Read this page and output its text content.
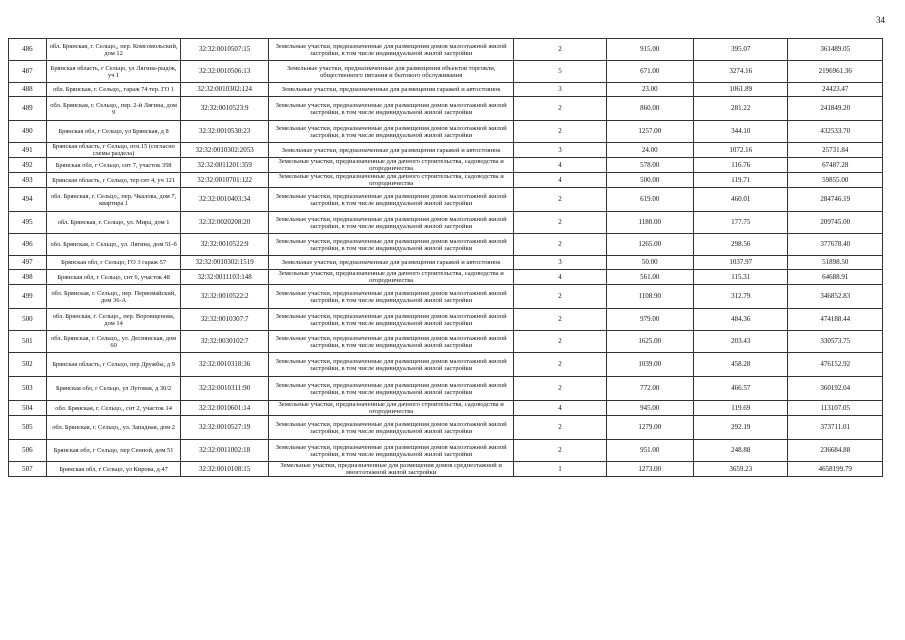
34
486	обл. Брянская, г. Сельцо,, пер. Комсомольский, дом 12	32:32:0010507:15	Земельные участки, предназначенные для размещения домов малоэтажной жилой застройки, в том числе индивидуальной жилой застройки	2	915.00	395.07	361489.05
487	Брянская область, г Сельцо, ул Лягина-рыдок, уч 1	32:32:0010506:13	Земельные участки, предназначенные для размещения объектов торговли, общественного питания и бытового обслуживания	5	671.00	3274.16	2196961.36
488	обл. Брянская, г. Сельцо,, гараж 74 тер. ГО 1	32:32:0010302:124	Земельные участки, предназначенные для размещения гаражей и автостоянок	3	23.00	1061.89	24423.47
489	обл. Брянская, г. Сельцо,, пер. 2-й Лягина, дом 9	32:32:0010523:9	Земельные участки, предназначенные для размещения домов малоэтажной жилой застройки, в том числе индивидуальной жилой застройки	2	860.00	281.22	241849.20
490	Брянская обл, г Сельцо, ул Брянская, д 8	32:32:0010530:23	Земельные участки, предназначенные для размещения домов малоэтажной жилой застройки, в том числе индивидуальной жилой застройки	2	1257.00	344.10	432533.70
491	Брянская область, г Сельцо, поз.15 (согласно схемы раздела)	32:32:0010302:2053	Земельные участки, предназначенные для размещения гаражей и автостоянок	3	24.00	1072.16	25731.84
492	Брянская обл, г Сельцо, снт 7, участок 358	32:32:0011201:359	Земельные участки, предназначенные для дачного строительства, садоводства и огородничества	4	578.00	116.76	67487.28
493	Брянская область, г Сельцо, тер снт 4, уч 121	32:32:0010701:122	Земельные участки, предназначенные для дачного строительства, садоводства и огородничества	4	500.00	119.71	59855.00
494	обл. Брянская, г. Сельцо,, пер. Чкалова, дом 7, квартира 1	32:32:0010403:34	Земельные участки, предназначенные для размещения домов малоэтажной жилой застройки, в том числе индивидуальной жилой застройки	2	619.00	460.01	284746.19
495	обл. Брянская, г. Сельцо, ул. Мира, дом 1	32:32:0020208:20	Земельные участки, предназначенные для размещения домов малоэтажной жилой застройки, в том числе индивидуальной жилой застройки	2	1180.00	177.75	209745.00
496	обл. Брянская, г. Сельцо,, ул. Лягина, дом 51-б	32:32:0010522:9	Земельные участки, предназначенные для размещения домов малоэтажной жилой застройки, в том числе индивидуальной жилой застройки	2	1265.00	298.56	377678.40
497	Брянская обл, г Сельцо, ГО 3 гараж 57	32:32:0010302:1519	Земельные участки, предназначенные для размещения гаражей и автостоянок	3	50.00	1037.97	51898.50
498	Брянская обл, г Сельцо, снт 6, участок 48	32:32:0011103:148	Земельные участки, предназначенные для дачного строительства, садоводства и огородничества	4	561.00	115.31	64688.91
499	обл. Брянская, г. Сельцо,, пер. Первомайский, дом 36-А	32:32:0010522:2	Земельные участки, предназначенные для размещения домов малоэтажной жилой застройки, в том числе индивидуальной жилой застройки	2	1108.90	312.79	346852.83
500	обл. Брянская, г. Сельцо,, пер. Воровщенова, дом 14	32:32:0010307:7	Земельные участки, предназначенные для размещения домов малоэтажной жилой застройки, в том числе индивидуальной жилой застройки	2	979.00	484.36	474188.44
501	обл. Брянская, г. Сельцо,, ул. Деснянская, дом 60	32:32:0030102:7	Земельные участки, предназначенные для размещения домов малоэтажной жилой застройки, в том числе индивидуальной жилой застройки	2	1625.00	203.43	330573.75
502	Брянская область, г Сельцо, пер Дружбы, д 9	32:32:0010318:36	Земельные участки, предназначенные для размещения домов малоэтажной жилой застройки, в том числе индивидуальной жилой застройки	2	1039.00	458.28	476152.92
503	Брянская обл, г Сельцо, ул Луговая, д 30/2	32:32:0010311:90	Земельные участки, предназначенные для размещения домов малоэтажной жилой застройки, в том числе индивидуальной жилой застройки	2	772.00	466.57	360192.04
504	обл. Брянская, г. Сельцо,, снт 2, участок 14	32:32:0010601:14	Земельные участки, предназначенные для дачного строительства, садоводства и огородничества	4	945.00	119.69	113107.05
505	обл. Брянская, г. Сельцо,, ул. Западная, дом 2	32:32:0010527:19	Земельные участки, предназначенные для размещения домов малоэтажной жилой застройки, в том числе индивидуальной жилой застройки	2	1279.00	292.19	373711.01
506	Брянская обл, г Сельцо, пер Сенной, дом 51	32:32:0011002:18	Земельные участки, предназначенные для размещения домов малоэтажной жилой застройки, в том числе индивидуальной жилой застройки	2	951.00	248.88	236684.88
507	Брянская обл, г Сельцо, ул Кирова, д 47	32:32:0010108:15	Земельные участки, предназначенные для размещения домов среднеэтажной и многоэтажной жилой застройки	1	1273.00	3659.23	4658199.79
